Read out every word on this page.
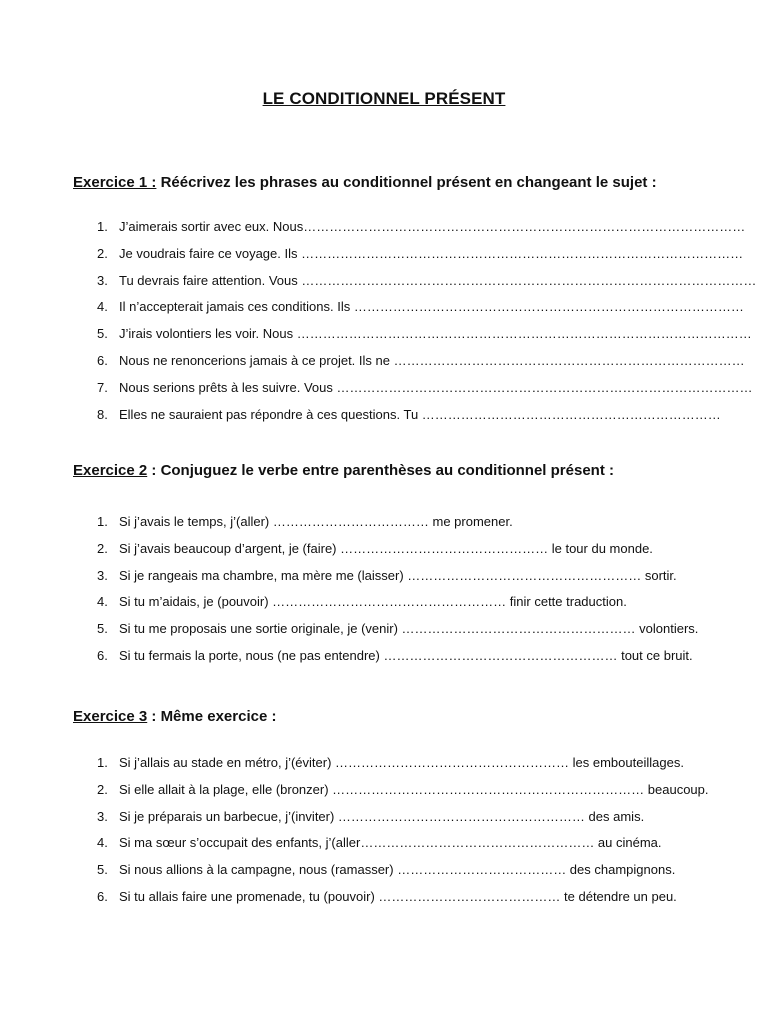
LE CONDITIONNEL PRÉSENT

Exercice 1 : Réécrivez les phrases au conditionnel présent en changeant le sujet :

1. J’aimerais sortir avec eux. Nous…………………………………………………………………………………………
2. Je voudrais faire ce voyage. Ils …………………………………………………………………………………………
3. Tu devrais faire attention. Vous ……………………………………………………………………………………………
4. Il n’accepterait jamais ces conditions. Ils ………………………………………………………………………………
5. J’irais volontiers les voir. Nous ……………………………………………………………………………………………
6. Nous ne renoncerions jamais à ce projet. Ils ne ………………………………………………………………………
7. Nous serions prêts à les suivre. Vous ……………………………………………………………………………………
8. Elles ne sauraient pas répondre à ces questions. Tu ……………………………………………………………

Exercice 2 : Conjuguez le verbe entre parenthèses au conditionnel présent :

1. Si j’avais le temps, j’(aller) ……………………………… me promener.
2. Si j’avais beaucoup d’argent, je (faire) ………………………………………… le tour du monde.
3. Si je rangeais ma chambre, ma mère me (laisser) ……………………………………………… sortir.
4. Si tu m’aidais, je (pouvoir) ……………………………………………… finir cette traduction.
5. Si tu me proposais une sortie originale, je (venir) ……………………………………………… volontiers.
6. Si tu fermais la porte, nous (ne pas entendre) ……………………………………………… tout ce bruit.

Exercice 3 : Même exercice :

1. Si j’allais au stade en métro, j’(éviter) ……………………………………………… les embouteillages.
2. Si elle allait à la plage, elle (bronzer) ……………………………………………………………… beaucoup.
3. Si je préparais un barbecue, j’(inviter) ………………………………………………… des amis.
4. Si ma sœur s’occupait des enfants, j’(aller……………………………………………… au cinéma.
5. Si nous allions à la campagne, nous (ramasser) ………………………………… des champignons.
6. Si tu allais faire une promenade, tu (pouvoir) …………………………………… te détendre un peu.
